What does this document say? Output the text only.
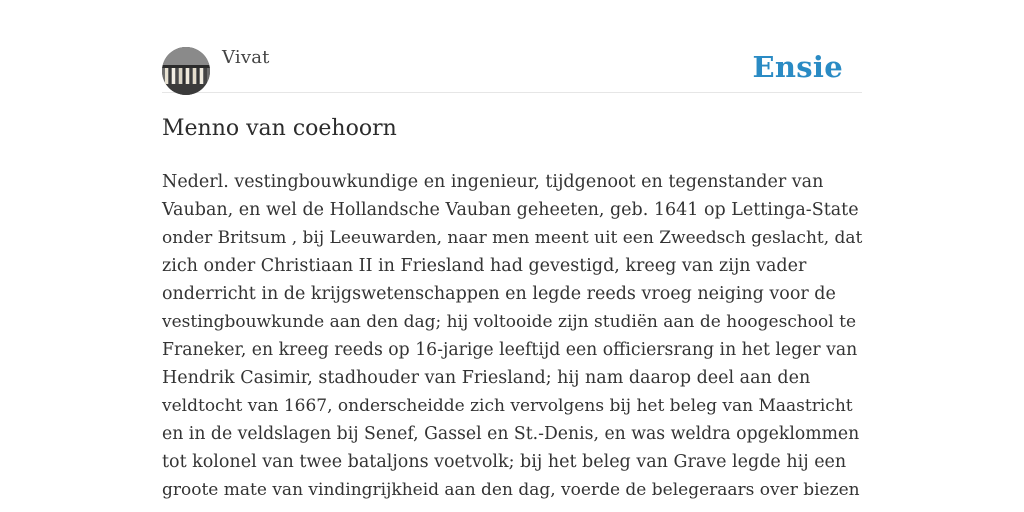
Vivat	Ensie
Menno van coehoorn
Nederl. vestingbouwkundige en ingenieur, tijdgenoot en tegenstander van
Vauban, en wel de Hollandsche Vauban geheeten, geb. 1641 op Lettinga-State
onder Britsum , bij Leeuwarden, naar men meent uit een Zweedsch geslacht, dat
zich onder Christiaan II in Friesland had gevestigd, kreeg van zijn vader
onderricht in de krijgswetenschappen en legde reeds vroeg neiging voor de
vestingbouwkunde aan den dag; hij voltooide zijn studiën aan de hoogeschool te
Franeker, en kreeg reeds op 16-jarige leeftijd een officiersrang in het leger van
Hendrik Casimir, stadhouder van Friesland; hij nam daarop deel aan den
veldtocht van 1667, onderscheidde zich vervolgens bij het beleg van Maastricht
en in de veldslagen bij Senef, Gassel en St.-Denis, en was weldra opgeklommen
tot kolonel van twee bataljons voetvolk; bij het beleg van Grave legde hij een
groote mate van vindingrijkheid aan den dag, voerde de belegeraars over biezen
